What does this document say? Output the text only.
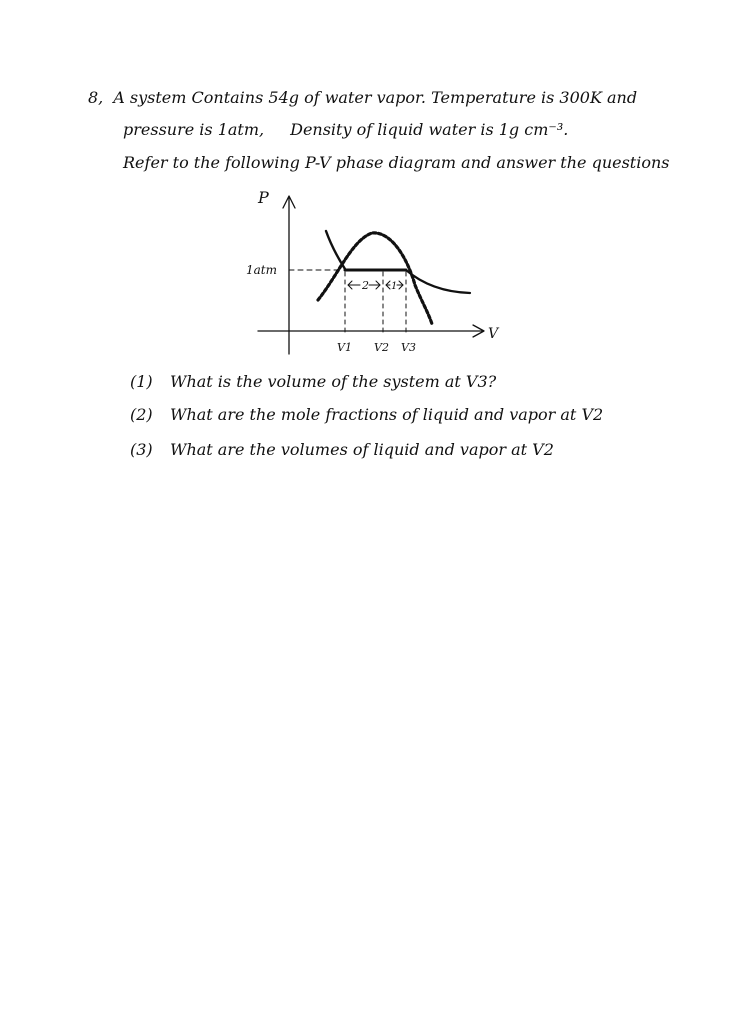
8, A system Contains 54g of water vapor. Temperature is 300K and
pressure is 1atm, Density of liquid water is 1g cm⁻³.
Refer to the following P-V phase diagram and answer the questions
P
V
1atm
2 1
V1 V2 V3
(1) What is the volume of the system at V3?
(2) What are the mole fractions of liquid and vapor at V2
(3) What are the volumes of liquid and vapor at V2
